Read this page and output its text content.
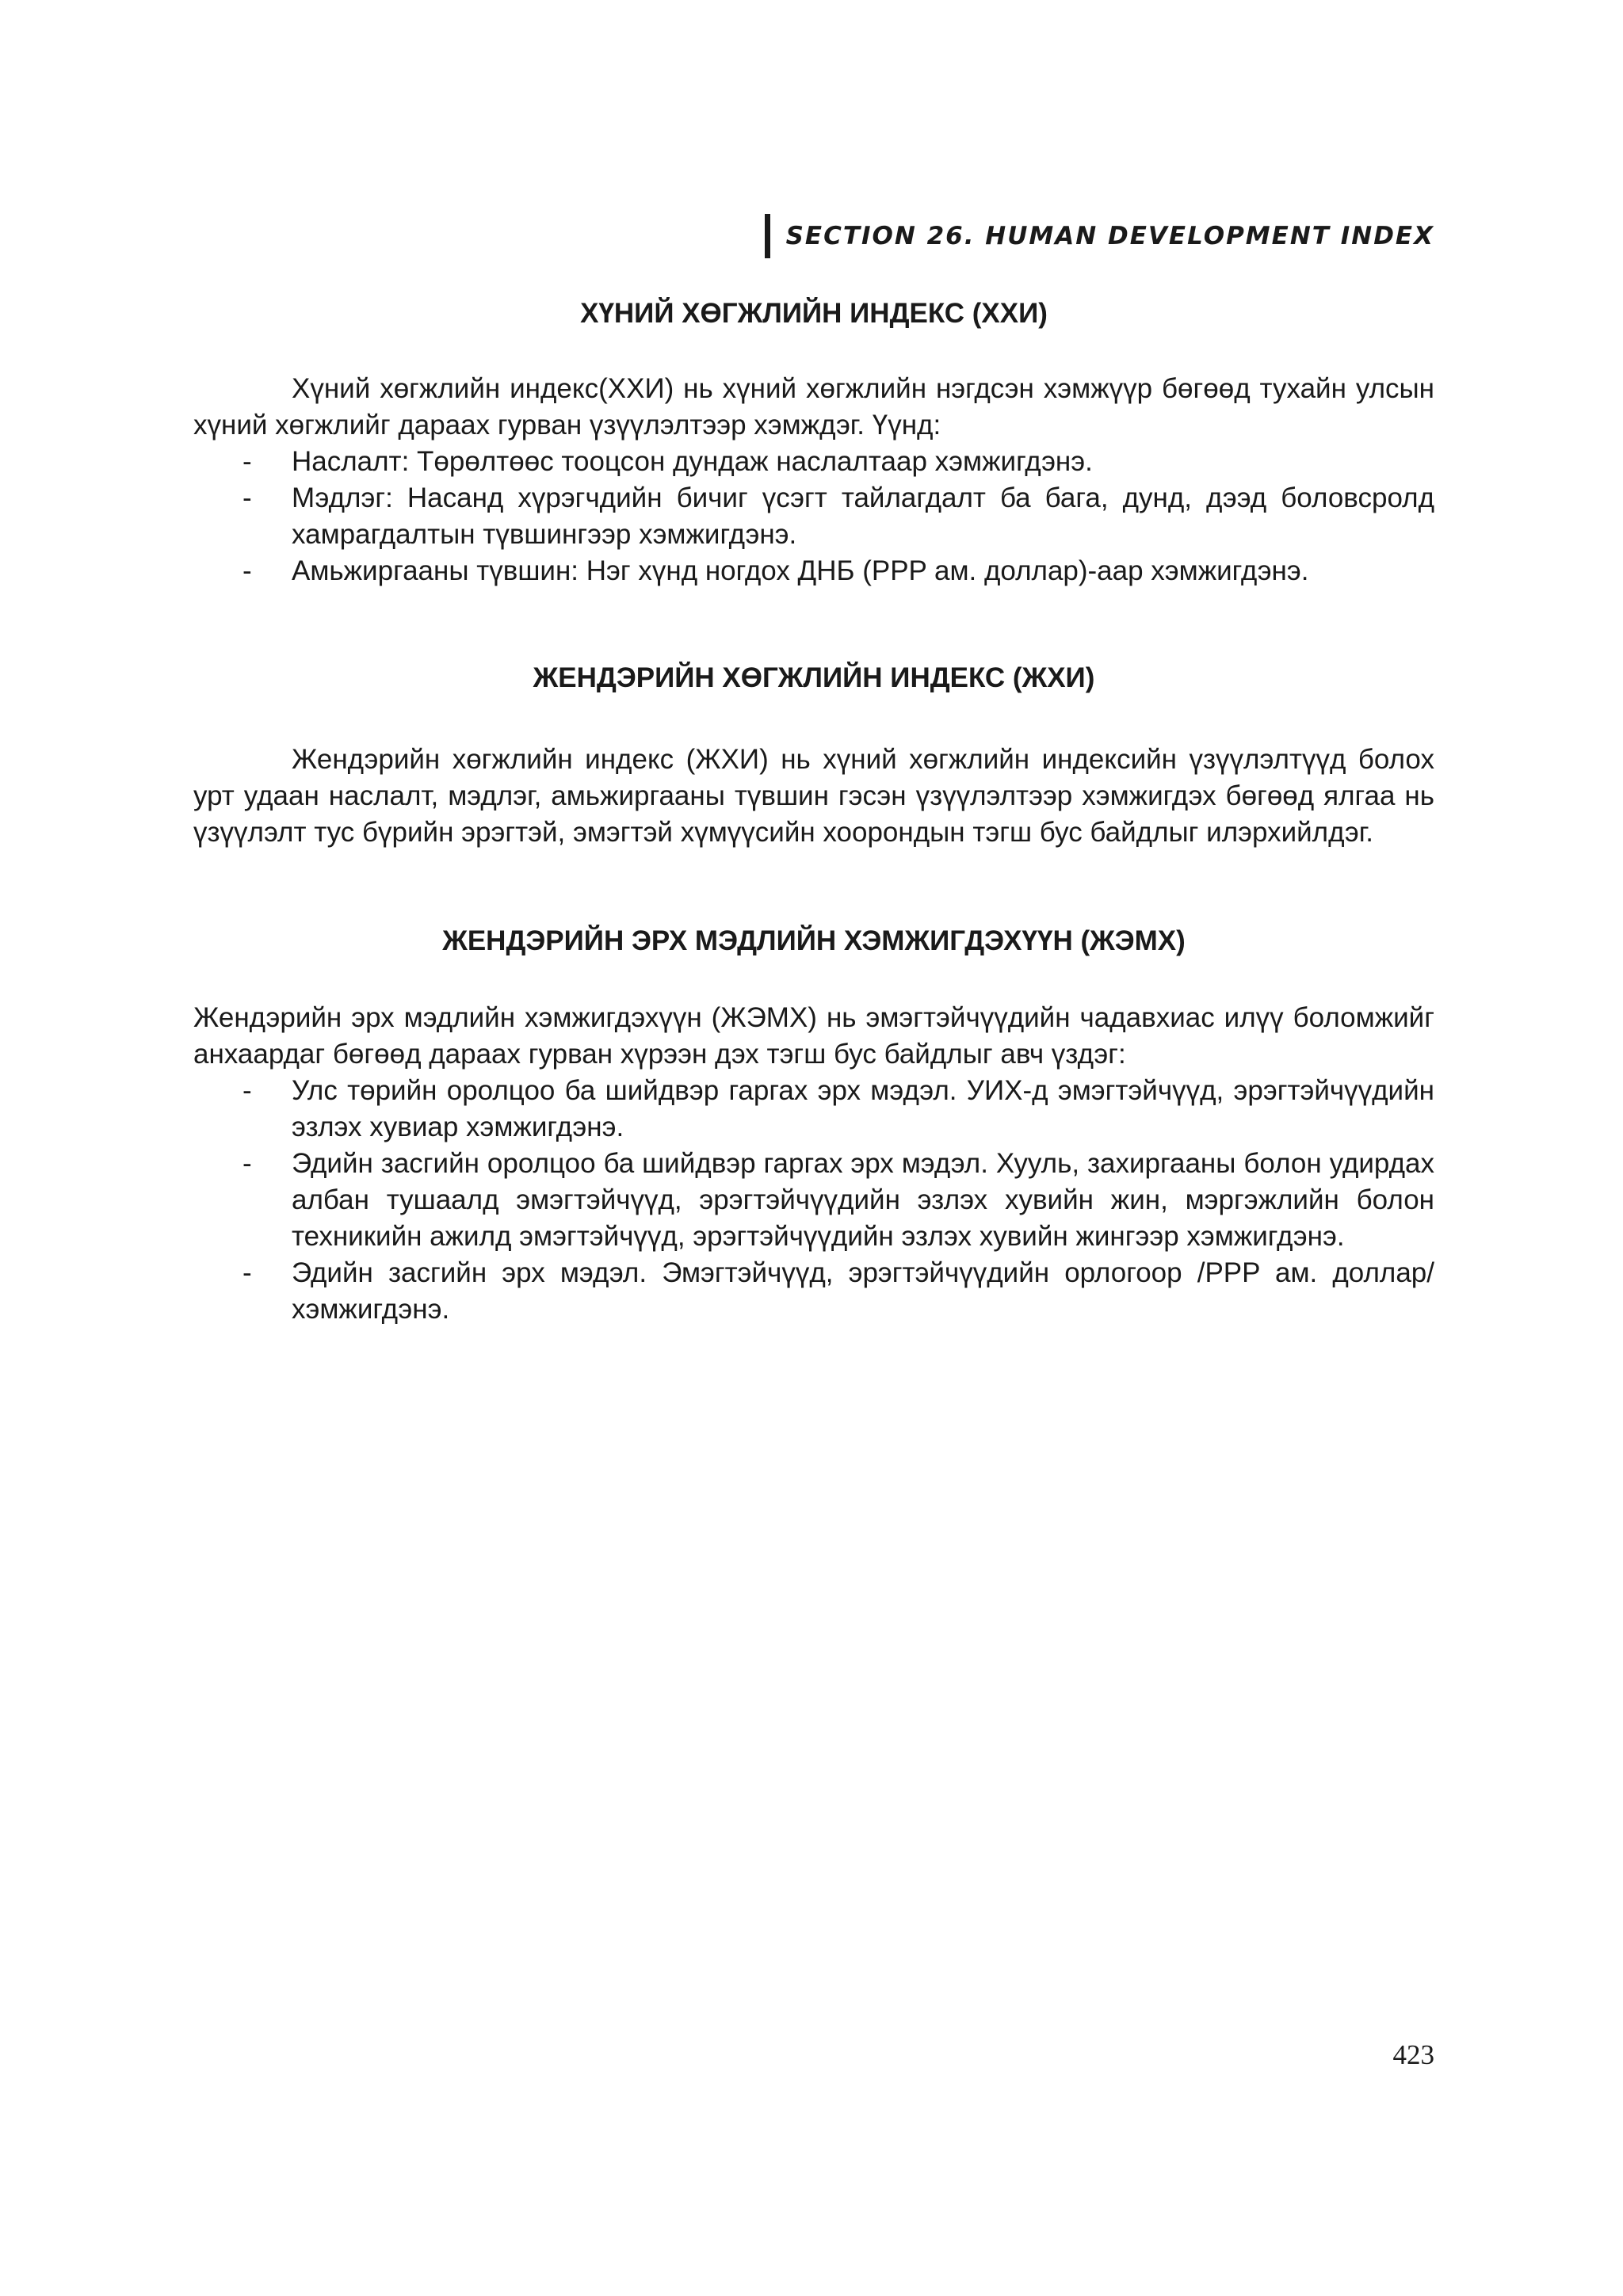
SECTION 26. HUMAN DEVELOPMENT INDEX
ХҮНИЙ ХӨГЖЛИЙН ИНДЕКС (ХХИ)

Хүний хөгжлийн индекс(ХХИ) нь хүний хөгжлийн нэгдсэн хэмжүүр бөгөөд тухайн улсын хүний хөгжлийг дараах гурван үзүүлэлтээр хэмждэг. Үүнд:

- Наслалт: Төрөлтөөс тооцсон дундаж наслалтаар хэмжигдэнэ.
- Мэдлэг: Насанд хүрэгчдийн бичиг үсэгт тайлагдалт ба бага, дунд, дээд боловсролд хамрагдалтын түвшингээр хэмжигдэнэ.
- Амьжиргааны түвшин: Нэг хүнд ногдох ДНБ (PPP ам. доллар)-аар хэмжигдэнэ.
ЖЕНДЭРИЙН ХӨГЖЛИЙН ИНДЕКС (ЖХИ)

Жендэрийн хөгжлийн индекс (ЖХИ) нь хүний хөгжлийн индексийн үзүүлэлтүүд болох урт удаан наслалт, мэдлэг, амьжиргааны түвшин гэсэн үзүүлэлтээр хэмжигдэх бөгөөд ялгаа нь үзүүлэлт тус бүрийн эрэгтэй, эмэгтэй хүмүүсийн хоорондын тэгш бус байдлыг илэрхийлдэг.

ЖЕНДЭРИЙН ЭРХ МЭДЛИЙН ХЭМЖИГДЭХҮҮН (ЖЭМХ)

Жендэрийн эрх мэдлийн хэмжигдэхүүн (ЖЭМХ) нь эмэгтэйчүүдийн чадавхиас илүү боломжийг анхаардаг бөгөөд дараах гурван хүрээн дэх тэгш бус байдлыг авч үздэг:

- Улс төрийн оролцоо ба шийдвэр гаргах эрх мэдэл. УИХ-д эмэгтэйчүүд, эрэгтэйчүүдийн эзлэх хувиар хэмжигдэнэ.
- Эдийн засгийн оролцоо ба шийдвэр гаргах эрх мэдэл. Хууль, захиргааны болон удирдах албан тушаалд эмэгтэйчүүд, эрэгтэйчүүдийн эзлэх хувийн жин, мэргэжлийн болон техникийн ажилд эмэгтэйчүүд, эрэгтэйчүүдийн эзлэх хувийн жингээр хэмжигдэнэ.
- Эдийн засгийн эрх мэдэл. Эмэгтэйчүүд, эрэгтэйчүүдийн орлогоор /PPP ам. доллар/ хэмжигдэнэ.
423
